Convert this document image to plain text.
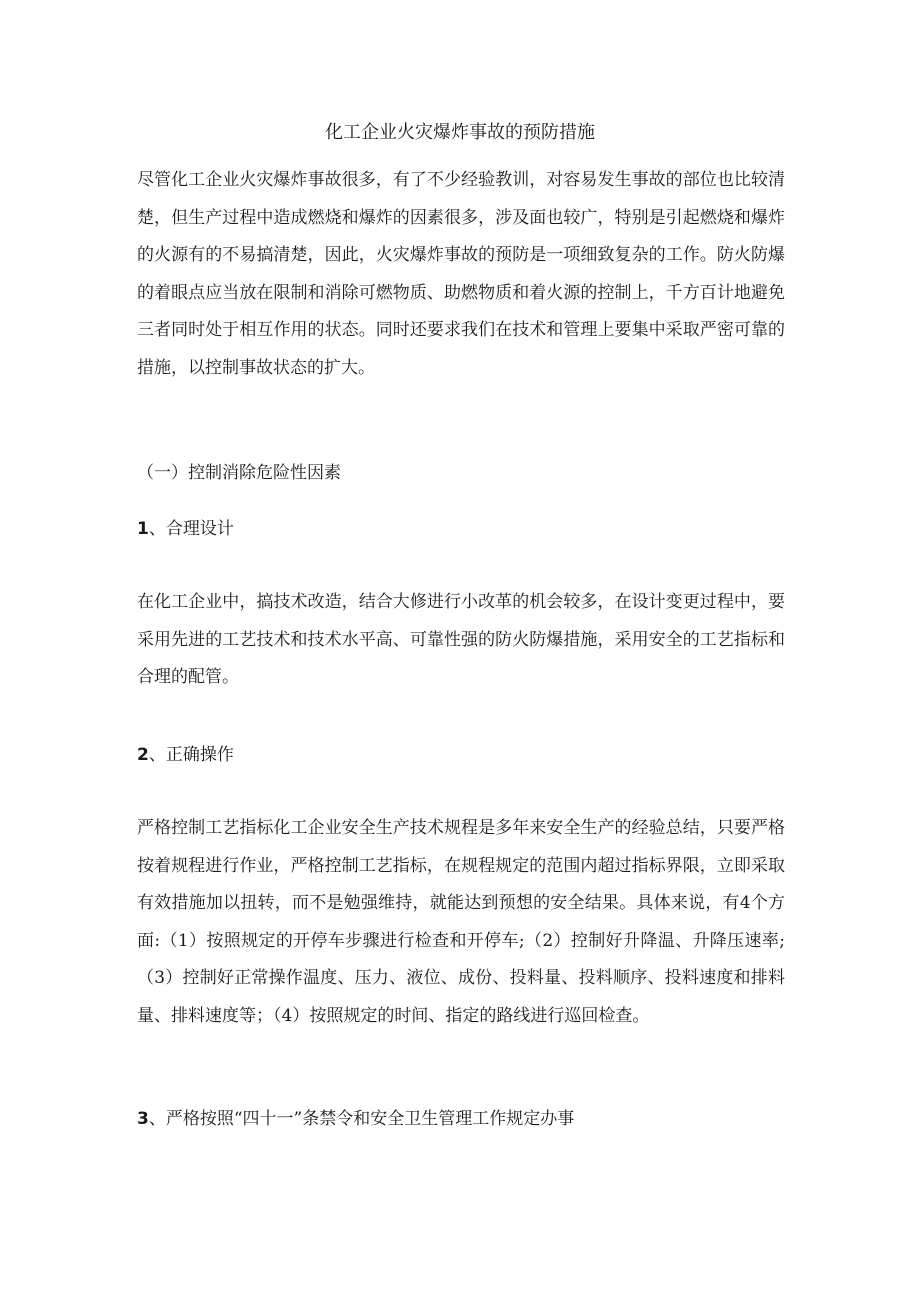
化工企业火灾爆炸事故的预防措施

尽管化工企业火灾爆炸事故很多，有了不少经验教训，对容易发生事故的部位也比较清楚，但生产过程中造成燃烧和爆炸的因素很多，涉及面也较广，特别是引起燃烧和爆炸的火源有的不易搞清楚，因此，火灾爆炸事故的预防是一项细致复杂的工作。防火防爆的着眼点应当放在限制和消除可燃物质、助燃物质和着火源的控制上，千方百计地避免三者同时处于相互作用的状态。同时还要求我们在技术和管理上要集中采取严密可靠的措施，以控制事故状态的扩大。

（一）控制消除危险性因素

1、合理设计

在化工企业中，搞技术改造，结合大修进行小改革的机会较多，在设计变更过程中，要采用先进的工艺技术和技术水平高、可靠性强的防火防爆措施，采用安全的工艺指标和合理的配管。

2、正确操作

严格控制工艺指标化工企业安全生产技术规程是多年来安全生产的经验总结，只要严格按着规程进行作业，严格控制工艺指标，在规程规定的范围内超过指标界限，立即采取有效措施加以扭转，而不是勉强维持，就能达到预想的安全结果。具体来说，有4个方面:（1）按照规定的开停车步骤进行检查和开停车;（2）控制好升降温、升降压速率;（3）控制好正常操作温度、压力、液位、成份、投料量、投料顺序、投料速度和排料量、排料速度等；（4）按照规定的时间、指定的路线进行巡回检查。

3、严格按照“四十一”条禁令和安全卫生管理工作规定办事
